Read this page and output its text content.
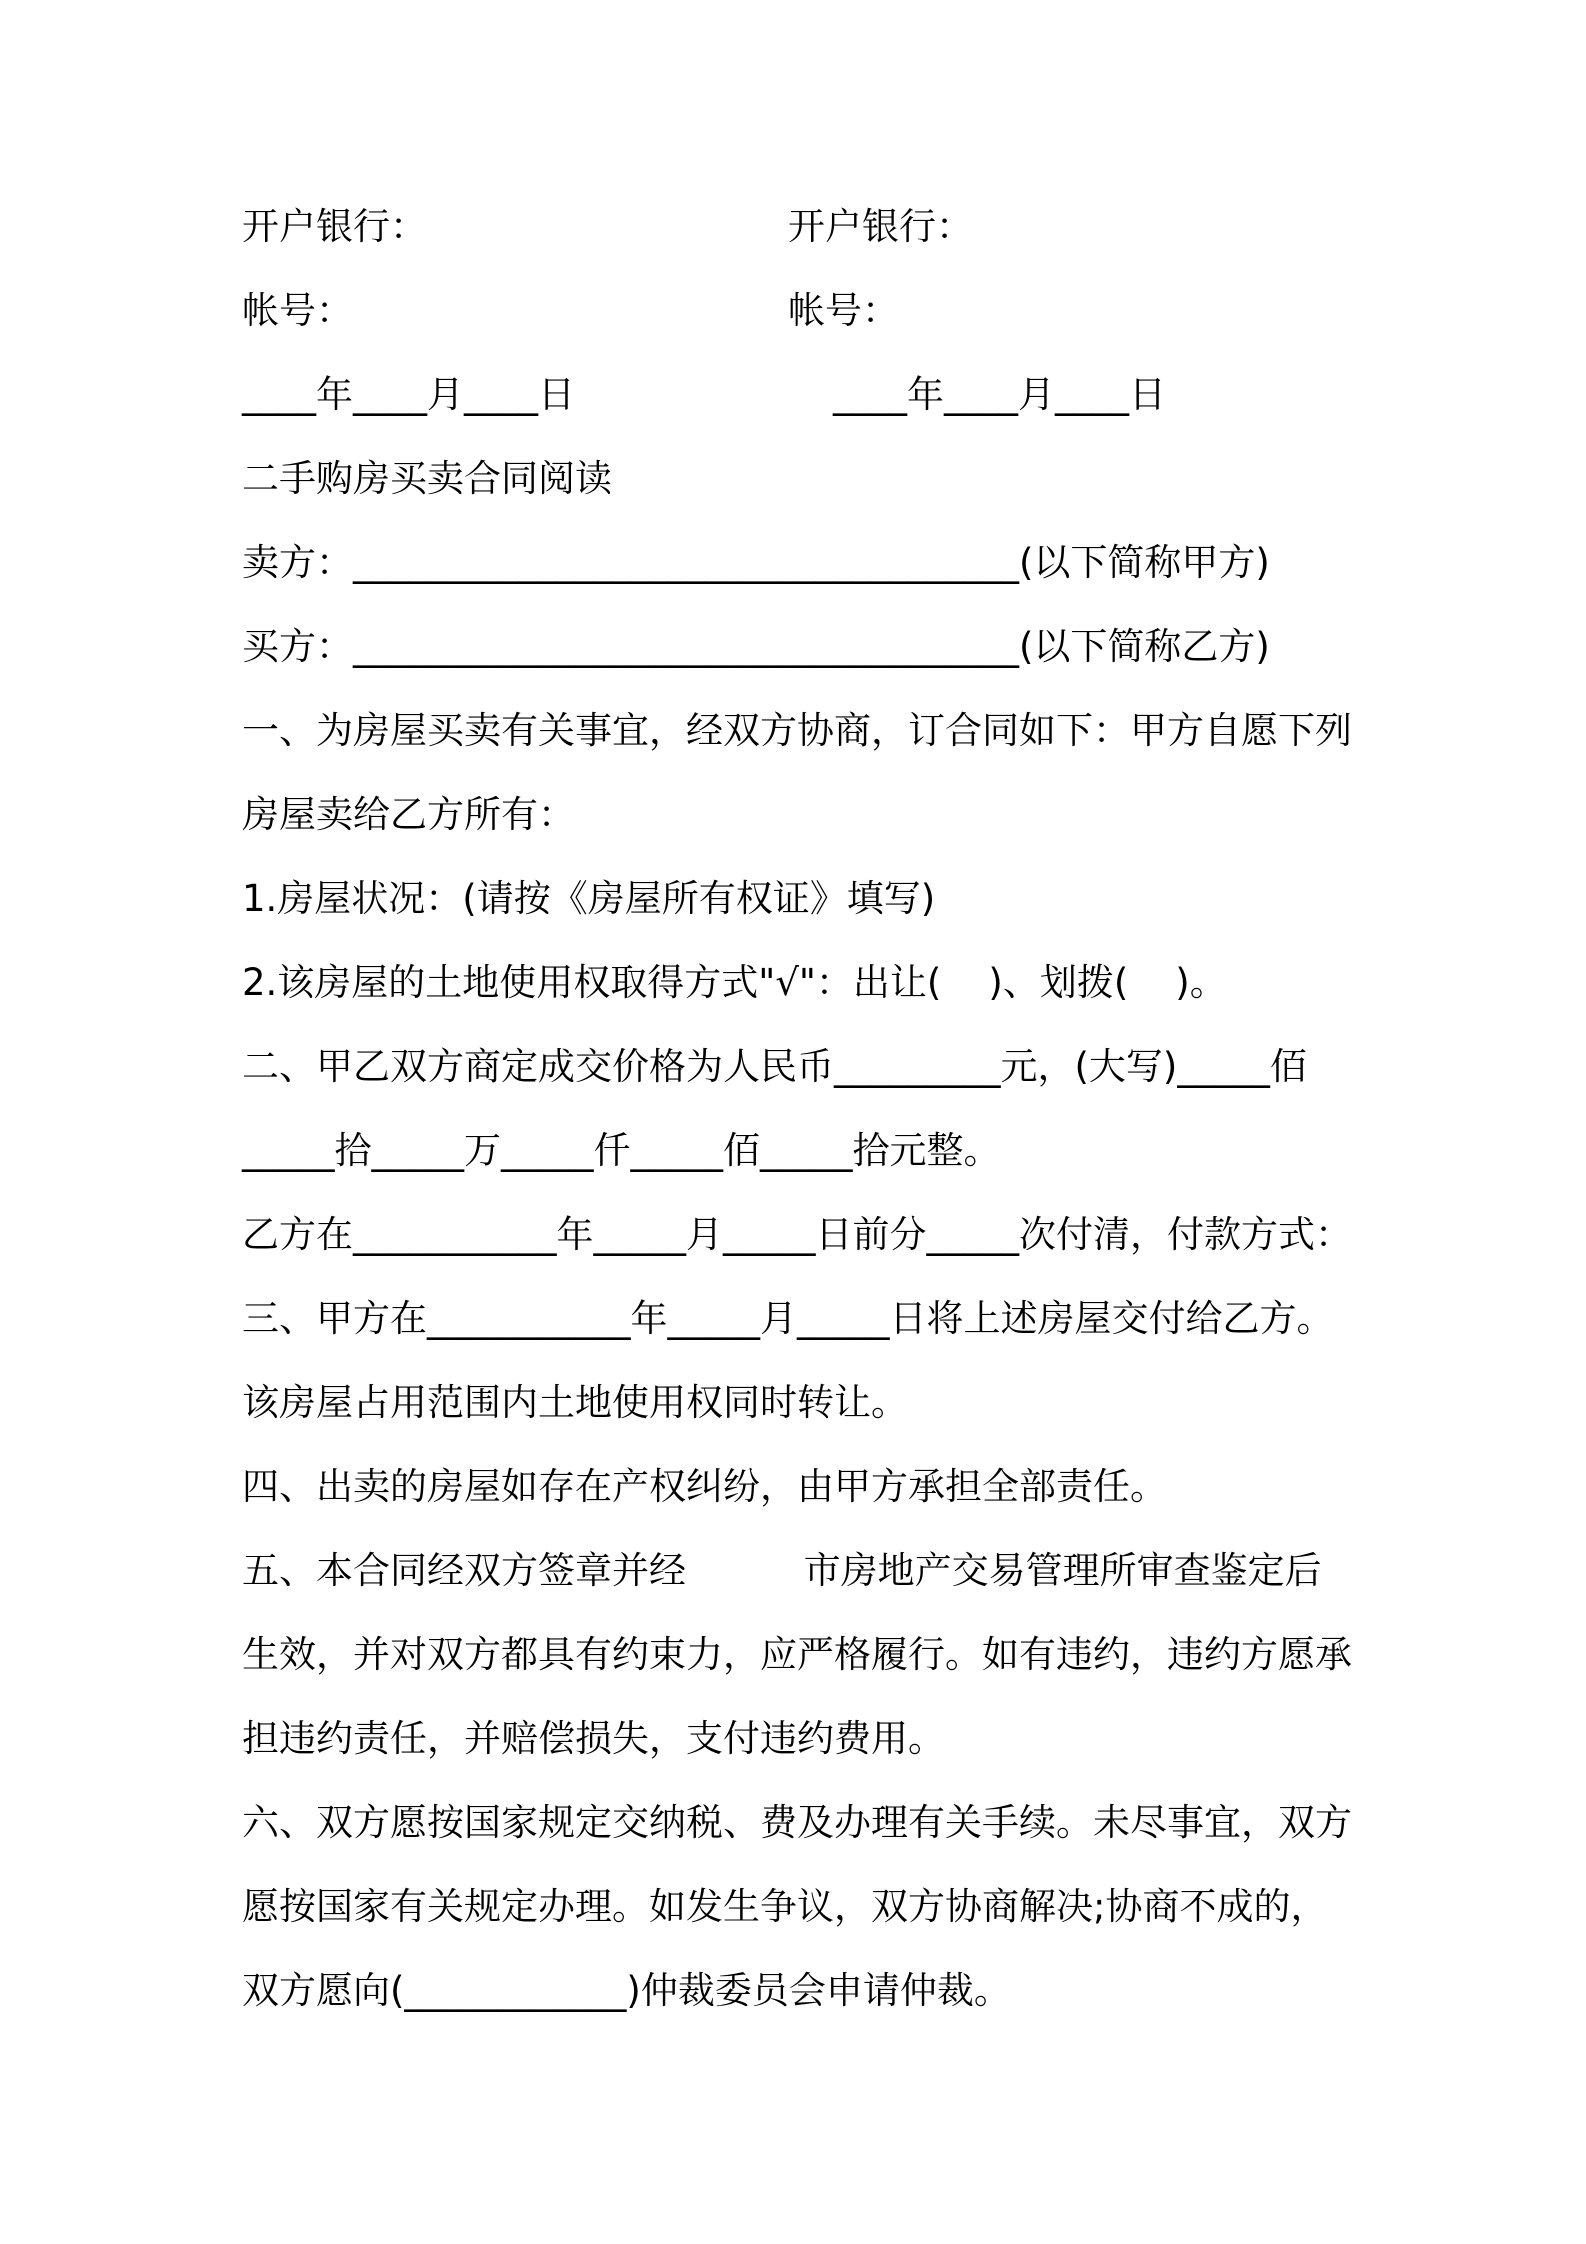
开户银行：	开户银行：
帐号：	帐号：
____年____月____日	____年____月____日
二手购房买卖合同阅读
卖方：____________________________________(以下简称甲方)
买方：____________________________________(以下简称乙方)
一、为房屋买卖有关事宜，经双方协商，订合同如下：甲方自愿下列
房屋卖给乙方所有：
1.房屋状况：(请按《房屋所有权证》填写)
2.该房屋的土地使用权取得方式"√"：出让(    )、划拨(    )。
二、甲乙双方商定成交价格为人民币_________元，(大写)_____佰
_____拾_____万_____仟_____佰_____拾元整。
乙方在___________年_____月_____日前分_____次付清，付款方式：
三、甲方在___________年_____月_____日将上述房屋交付给乙方。
该房屋占用范围内土地使用权同时转让。
四、出卖的房屋如存在产权纠纷，由甲方承担全部责任。
五、本合同经双方签章并经          市房地产交易管理所审查鉴定后
生效，并对双方都具有约束力，应严格履行。如有违约，违约方愿承
担违约责任，并赔偿损失，支付违约费用。
六、双方愿按国家规定交纳税、费及办理有关手续。未尽事宜，双方
愿按国家有关规定办理。如发生争议，双方协商解决;协商不成的，
双方愿向(____________)仲裁委员会申请仲裁。
